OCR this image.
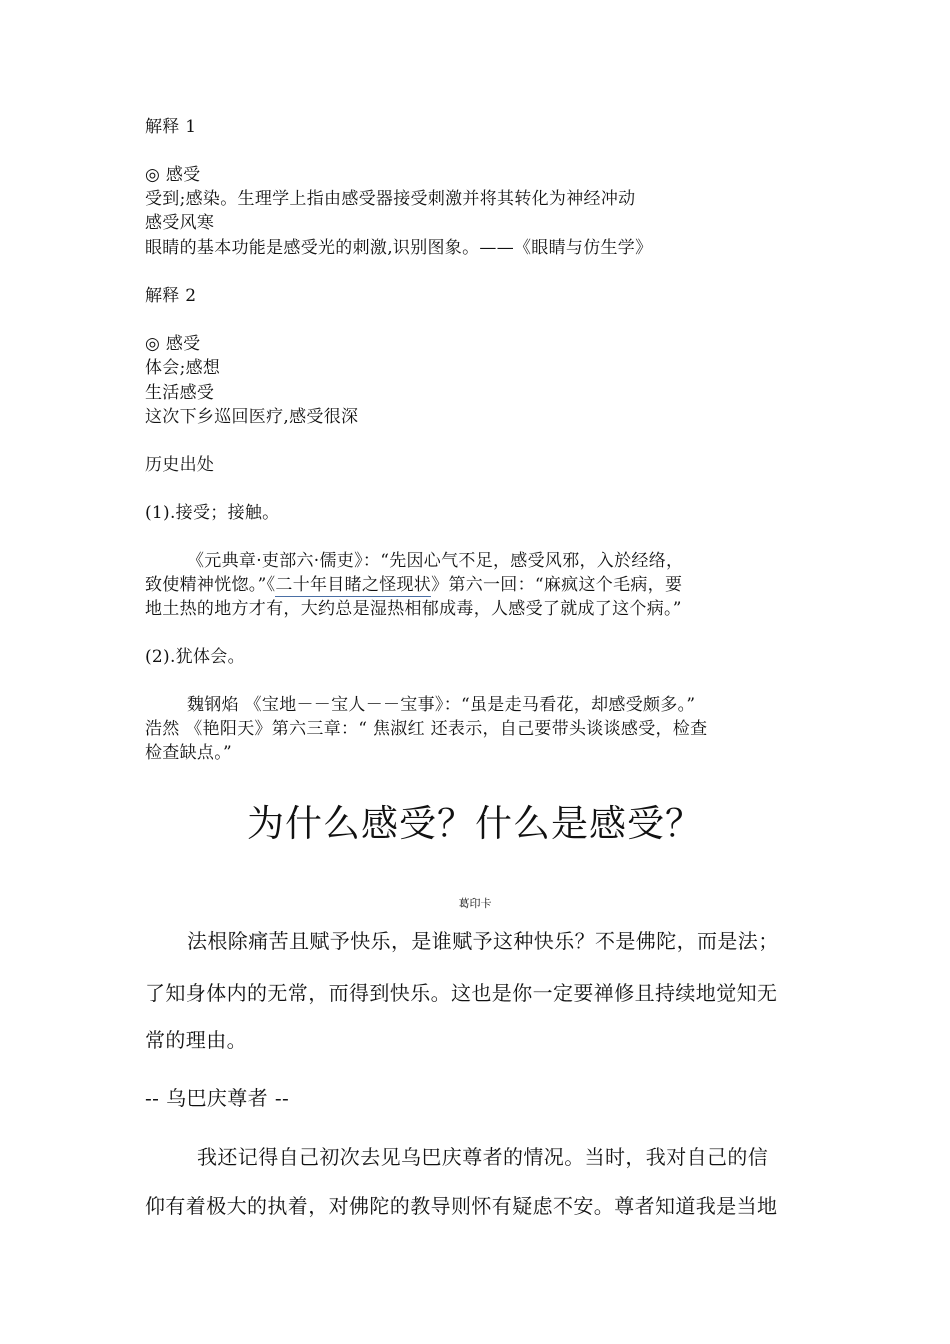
解释 1

◎ 感受

受到;感染。生理学上指由感受器接受刺激并将其转化为神经冲动

感受风寒

眼睛的基本功能是感受光的刺激,识别图象。——《眼睛与仿生学》

解释 2

◎ 感受

体会;感想

生活感受

这次下乡巡回医疗,感受很深

历史出处

(1).接受；接触。

《元典章·吏部六·儒吏》：“先因心气不足，感受风邪，入於经络，

致使精神恍惚。”《二十年目睹之怪现状》第六一回：“麻疯这个毛病，要

地土热的地方才有，大约总是湿热相郁成毒，人感受了就成了这个病。”

(2).犹体会。

魏钢焰 《宝地－－宝人－－宝事》：“虽是走马看花，却感受颇多。”

浩然 《艳阳天》第六三章：“ 焦淑红 还表示，自己要带头谈谈感受，检查

检查缺点。”

为什么感受？什么是感受？

葛印卡

法根除痛苦且赋予快乐，是谁赋予这种快乐？不是佛陀，而是法；

了知身体内的无常，而得到快乐。这也是你一定要禅修且持续地觉知无

常的理由。

-- 乌巴庆尊者 --

我还记得自己初次去见乌巴庆尊者的情况。当时，我对自己的信

仰有着极大的执着，对佛陀的教导则怀有疑虑不安。尊者知道我是当地
